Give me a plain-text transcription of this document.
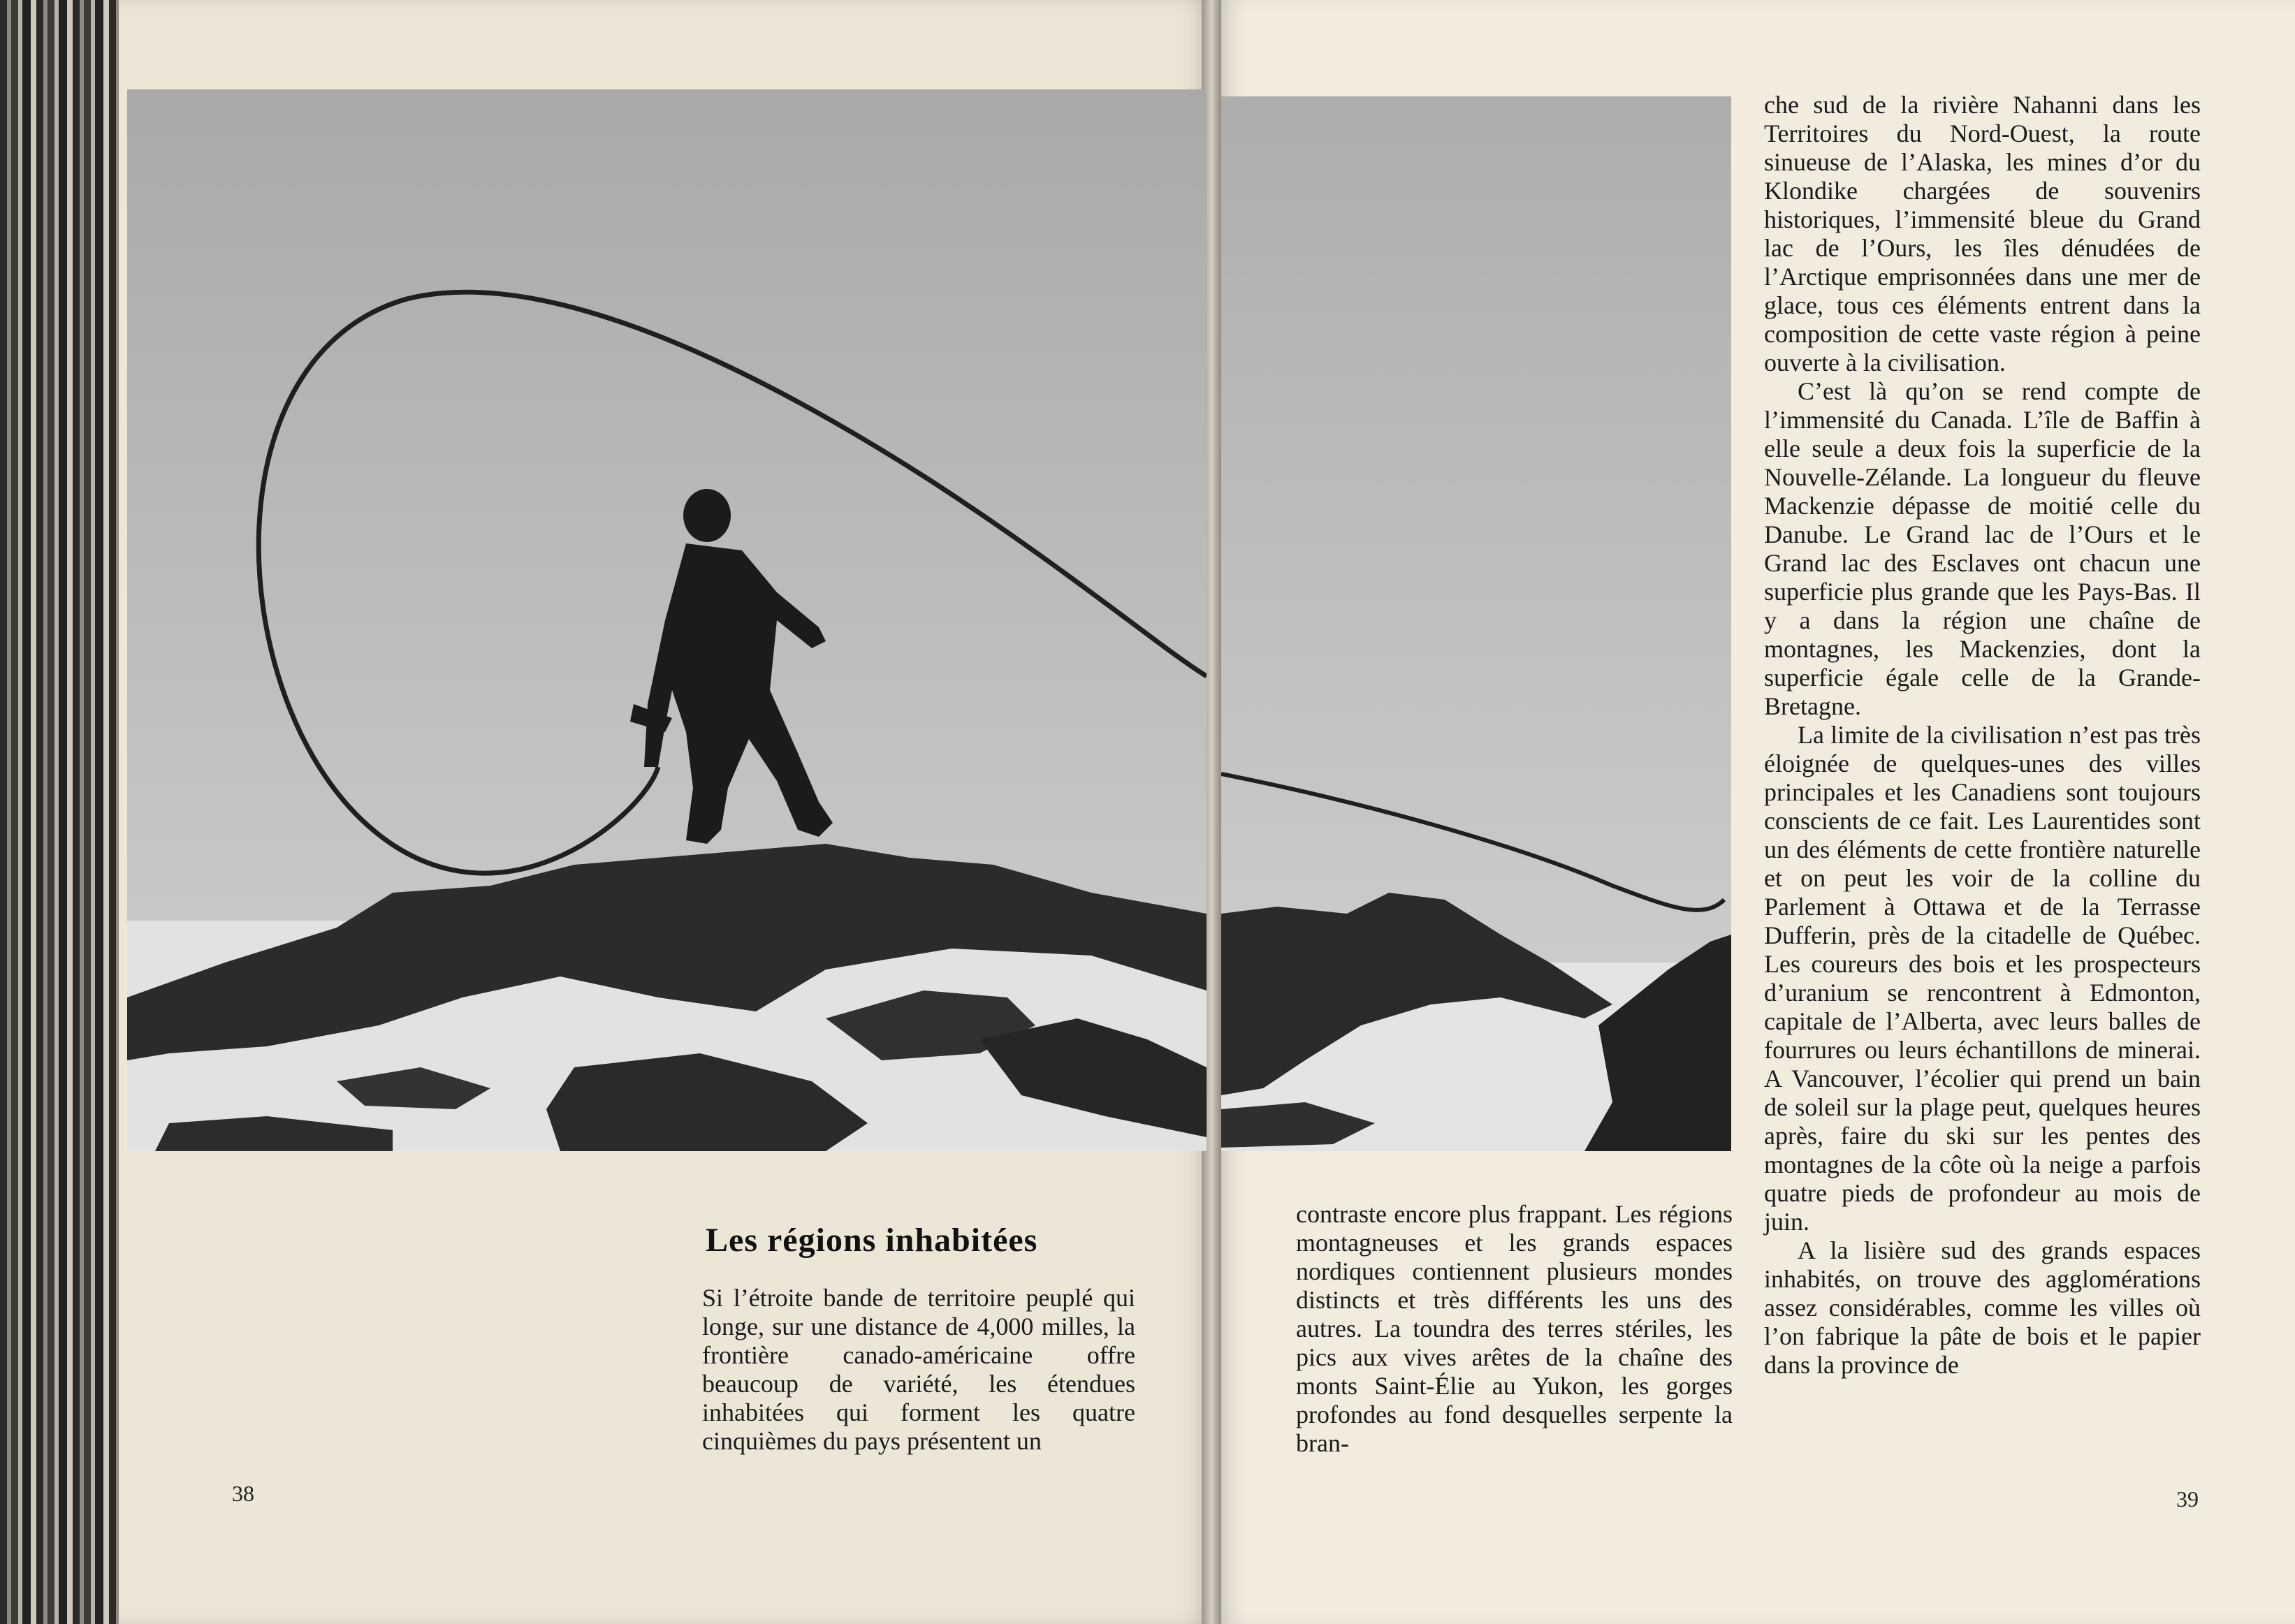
Les régions inhabitées

Si l’étroite bande de territoire peuplé qui longe, sur une distance de 4,000 milles, la frontière canado-américaine offre beaucoup de variété, les étendues inhabitées qui forment les quatre cinquièmes du pays présentent un

contraste encore plus frappant. Les régions montagneuses et les grands espaces nordiques contiennent plusieurs mondes distincts et très différents les uns des autres. La toundra des terres stériles, les pics aux vives arêtes de la chaîne des monts Saint-Élie au Yukon, les gorges profondes au fond desquelles serpente la bran-

che sud de la rivière Nahanni dans les Territoires du Nord-Ouest, la route sinueuse de l’Alaska, les mines d’or du Klondike chargées de souvenirs historiques, l’immensité bleue du Grand lac de l’Ours, les îles dénudées de l’Arctique emprisonnées dans une mer de glace, tous ces éléments entrent dans la composition de cette vaste région à peine ouverte à la civilisation.

C’est là qu’on se rend compte de l’immensité du Canada. L’île de Baffin à elle seule a deux fois la superficie de la Nouvelle-Zélande. La longueur du fleuve Mackenzie dépasse de moitié celle du Danube. Le Grand lac de l’Ours et le Grand lac des Esclaves ont chacun une superficie plus grande que les Pays-Bas. Il y a dans la région une chaîne de montagnes, les Mackenzies, dont la superficie égale celle de la Grande-Bretagne.

La limite de la civilisation n’est pas très éloignée de quelques-unes des villes principales et les Canadiens sont toujours conscients de ce fait. Les Laurentides sont un des éléments de cette frontière naturelle et on peut les voir de la colline du Parlement à Ottawa et de la Terrasse Dufferin, près de la citadelle de Québec. Les coureurs des bois et les prospecteurs d’uranium se rencontrent à Edmonton, capitale de l’Alberta, avec leurs balles de fourrures ou leurs échantillons de minerai. A Vancouver, l’écolier qui prend un bain de soleil sur la plage peut, quelques heures après, faire du ski sur les pentes des montagnes de la côte où la neige a parfois quatre pieds de profondeur au mois de juin.

A la lisière sud des grands espaces inhabités, on trouve des agglomérations assez considérables, comme les villes où l’on fabrique la pâte de bois et le papier dans la province de

38	39
